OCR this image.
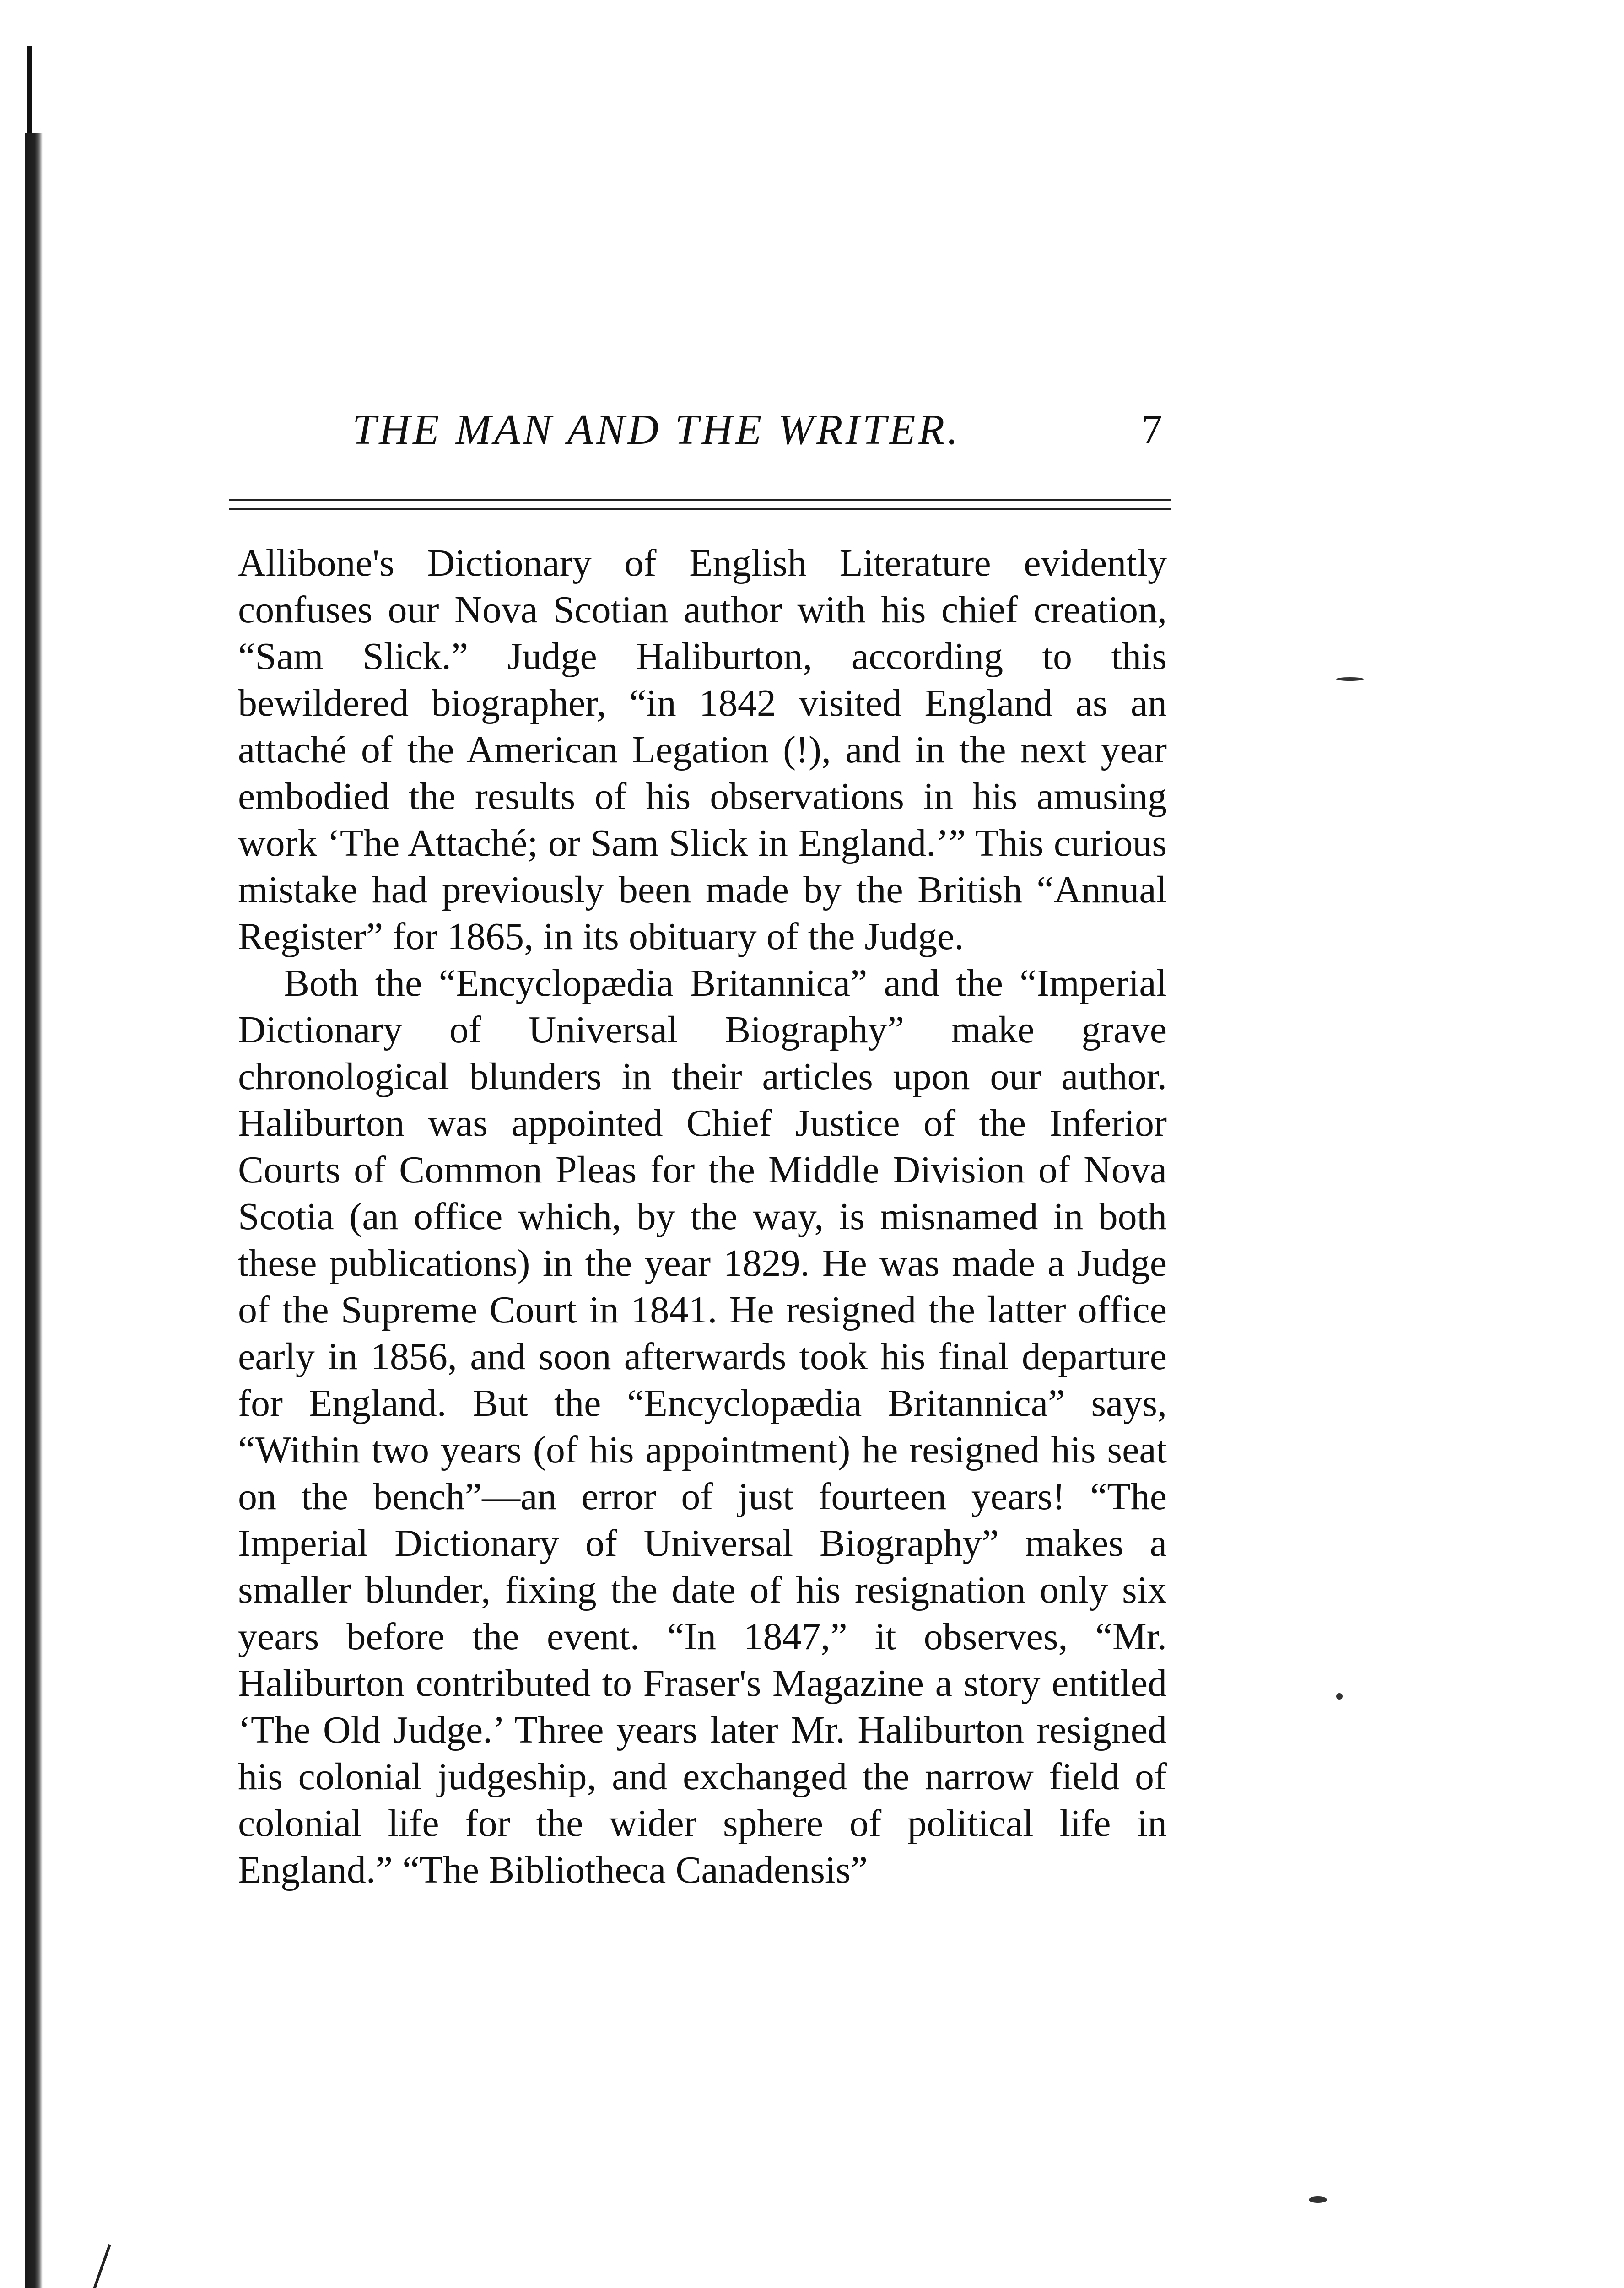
THE MAN AND THE WRITER.	7

Allibone's Dictionary of English Literature evidently confuses our Nova Scotian author with his chief creation, “Sam Slick.” Judge Haliburton, according to this bewildered biographer, “in 1842 visited England as an attaché of the American Legation (!), and in the next year embodied the results of his observations in his amusing work ‘The Attaché; or Sam Slick in England.’” This curious mistake had previously been made by the British “Annual Register” for 1865, in its obituary of the Judge.

Both the “Encyclopædia Britannica” and the “Imperial Dictionary of Universal Biography” make grave chronological blunders in their articles upon our author. Haliburton was appointed Chief Justice of the Inferior Courts of Common Pleas for the Middle Division of Nova Scotia (an office which, by the way, is misnamed in both these publications) in the year 1829. He was made a Judge of the Supreme Court in 1841. He resigned the latter office early in 1856, and soon afterwards took his final departure for England. But the “Encyclopædia Britannica” says, “Within two years (of his appointment) he resigned his seat on the bench”—an error of just fourteen years! “The Imperial Dictionary of Universal Biography” makes a smaller blunder, fixing the date of his resignation only six years before the event. “In 1847,” it observes, “Mr. Haliburton contributed to Fraser's Magazine a story entitled ‘The Old Judge.’ Three years later Mr. Haliburton resigned his colonial judgeship, and exchanged the narrow field of colonial life for the wider sphere of political life in England.” “The Bibliotheca Canadensis”
